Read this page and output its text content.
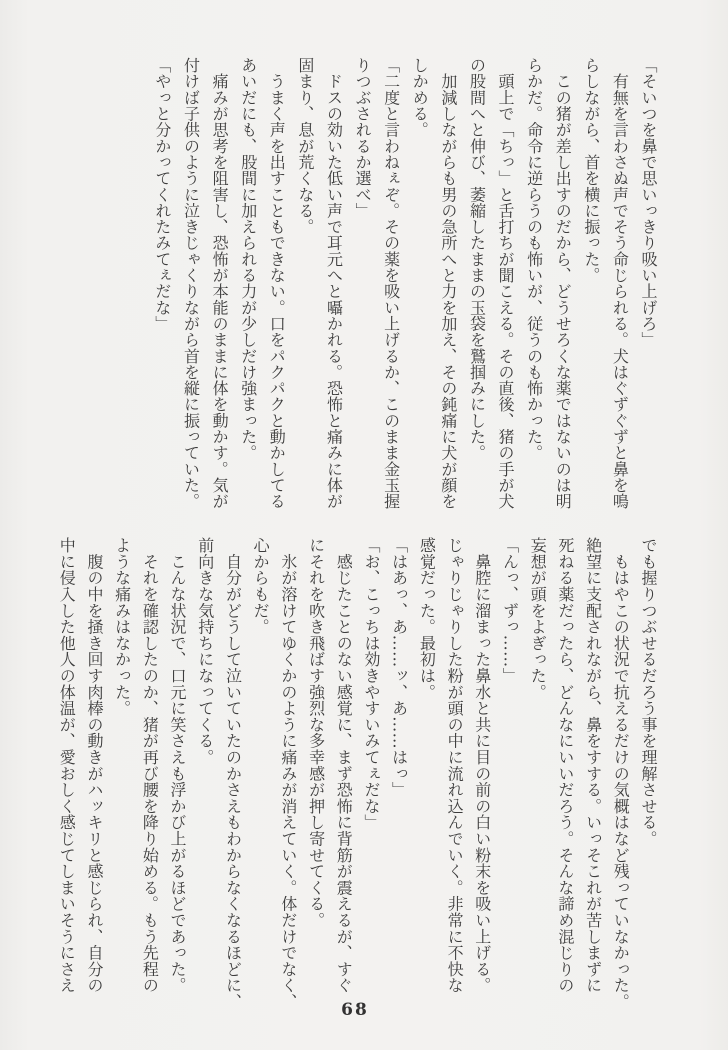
「そいつを鼻で思いっきり吸い上げろ」
　有無を言わさぬ声でそう命じられる。犬はぐずぐずと鼻を鳴
らしながら、首を横に振った。
　この猪が差し出すのだから、どうせろくな薬ではないのは明
らかだ。命令に逆らうのも怖いが、従うのも怖かった。
　頭上で「ちっ」と舌打ちが聞こえる。その直後、猪の手が犬
の股間へと伸び、萎縮したままの玉袋を鷲掴みにした。
　加減しながらも男の急所へと力を加え、その鈍痛に犬が顔を
しかめる。
「二度と言わねぇぞ。その薬を吸い上げるか、このまま金玉握
りつぶされるか選べ」
　ドスの効いた低い声で耳元へと囁かれる。恐怖と痛みに体が
固まり、息が荒くなる。
　うまく声を出すこともできない。口をパクパクと動かしてる
あいだにも、股間に加えられる力が少しだけ強まった。
　痛みが思考を阻害し、恐怖が本能のままに体を動かす。気が
付けば子供のように泣きじゃくりながら首を縦に振っていた。
「やっと分かってくれたみてぇだな」
でも握りつぶせるだろう事を理解させる。
　もはやこの状況で抗えるだけの気概はなど残っていなかった。
絶望に支配されながら、鼻をすする。いっそこれが苦しまずに
死ねる薬だったら、どんなにいいだろう。そんな諦め混じりの
妄想が頭をよぎった。
「んっ、ずっ……」
　鼻腔に溜まった鼻水と共に目の前の白い粉末を吸い上げる。
じゃりじゃりした粉が頭の中に流れ込んでいく。非常に不快な
感覚だった。最初は。
「はあっ、あ……ッ、あ……はっ」
「お、こっちは効きやすいみてぇだな」
　感じたことのない感覚に、まず恐怖に背筋が震えるが、すぐ
にそれを吹き飛ばす強烈な多幸感が押し寄せてくる。
　氷が溶けてゆくかのように痛みが消えていく。体だけでなく、
心からもだ。
　自分がどうして泣いていたのかさえもわからなくなるほどに、
前向きな気持ちになってくる。
　こんな状況で、口元に笑さえも浮かび上がるほどであった。
　それを確認したのか、猪が再び腰を降り始める。もう先程の
ような痛みはなかった。
　腹の中を掻き回す肉棒の動きがハッキリと感じられ、自分の
中に侵入した他人の体温が、愛おしく感じてしまいそうにさえ
68
